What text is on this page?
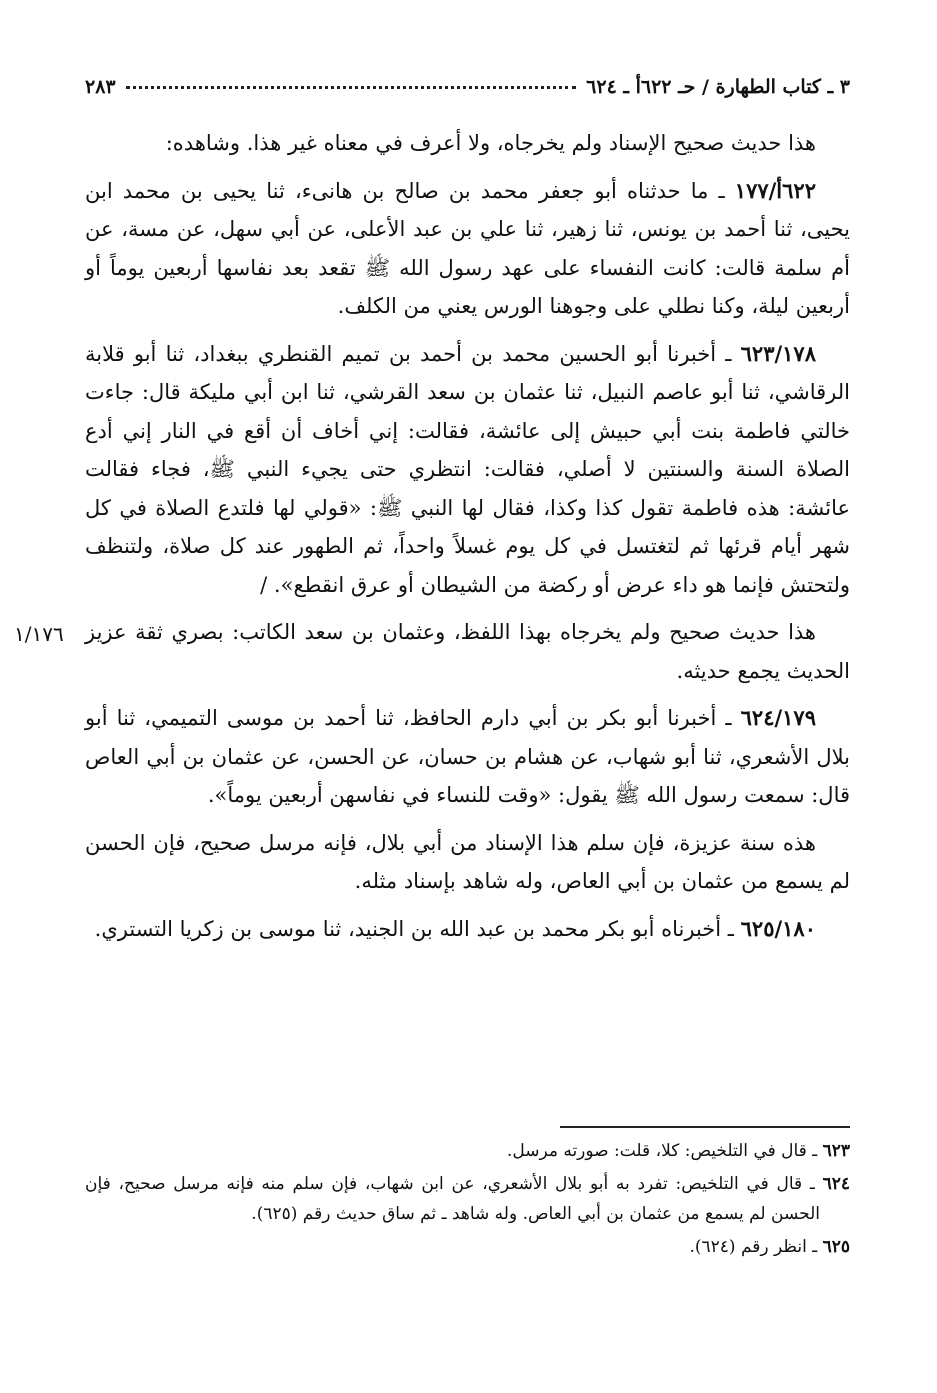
٣ ـ كتاب الطهارة / حـ ٦٢٢أ ـ ٦٢٤
٢٨٣

هذا حديث صحيح الإسناد ولم يخرجاه، ولا أعرف في معناه غير هذا. وشاهده:

٦٢٢أ/١٧٧ ـ ما حدثناه أبو جعفر محمد بن صالح بن هانىء، ثنا يحيى بن محمد ابن يحيى، ثنا أحمد بن يونس، ثنا زهير، ثنا علي بن عبد الأعلى، عن أبي سهل، عن مسة، عن أم سلمة قالت: كانت النفساء على عهد رسول الله ﷺ تقعد بعد نفاسها أربعين يوماً أو أربعين ليلة، وكنا نطلي على وجوهنا الورس يعني من الكلف.

٦٢٣/١٧٨ ـ أخبرنا أبو الحسين محمد بن أحمد بن تميم القنطري ببغداد، ثنا أبو قلابة الرقاشي، ثنا أبو عاصم النبيل، ثنا عثمان بن سعد القرشي، ثنا ابن أبي مليكة قال: جاءت خالتي فاطمة بنت أبي حبيش إلى عائشة، فقالت: إني أخاف أن أقع في النار إني أدع الصلاة السنة والسنتين لا أصلي، فقالت: انتظري حتى يجيء النبي ﷺ، فجاء فقالت عائشة: هذه فاطمة تقول كذا وكذا، فقال لها النبي ﷺ: «قولي لها فلتدع الصلاة في كل شهر أيام قرئها ثم لتغتسل في كل يوم غسلاً واحداً، ثم الطهور عند كل صلاة، ولتنظف ولتحتش فإنما هو داء عرض أو ركضة من الشيطان أو عرق انقطع». /

هذا حديث صحيح ولم يخرجاه بهذا اللفظ، وعثمان بن سعد الكاتب: بصري ثقة عزيز الحديث يجمع حديثه.

٦٢٤/١٧٩ ـ أخبرنا أبو بكر بن أبي دارم الحافظ، ثنا أحمد بن موسى التميمي، ثنا أبو بلال الأشعري، ثنا أبو شهاب، عن هشام بن حسان، عن الحسن، عن عثمان بن أبي العاص قال: سمعت رسول الله ﷺ يقول: «وقت للنساء في نفاسهن أربعين يوماً».

هذه سنة عزيزة، فإن سلم هذا الإسناد من أبي بلال، فإنه مرسل صحيح، فإن الحسن لم يسمع من عثمان بن أبي العاص، وله شاهد بإسناد مثله.

٦٢٥/١٨٠ ـ أخبرناه أبو بكر محمد بن عبد الله بن الجنيد، ثنا موسى بن زكريا التستري.

١/١٧٦

٦٢٣ ـ قال في التلخيص: كلا، قلت: صورته مرسل.

٦٢٤ ـ قال في التلخيص: تفرد به أبو بلال الأشعري، عن ابن شهاب، فإن سلم منه فإنه مرسل صحيح، فإن الحسن لم يسمع من عثمان بن أبي العاص. وله شاهد ـ ثم ساق حديث رقم (٦٢٥).

٦٢٥ ـ انظر رقم (٦٢٤).
